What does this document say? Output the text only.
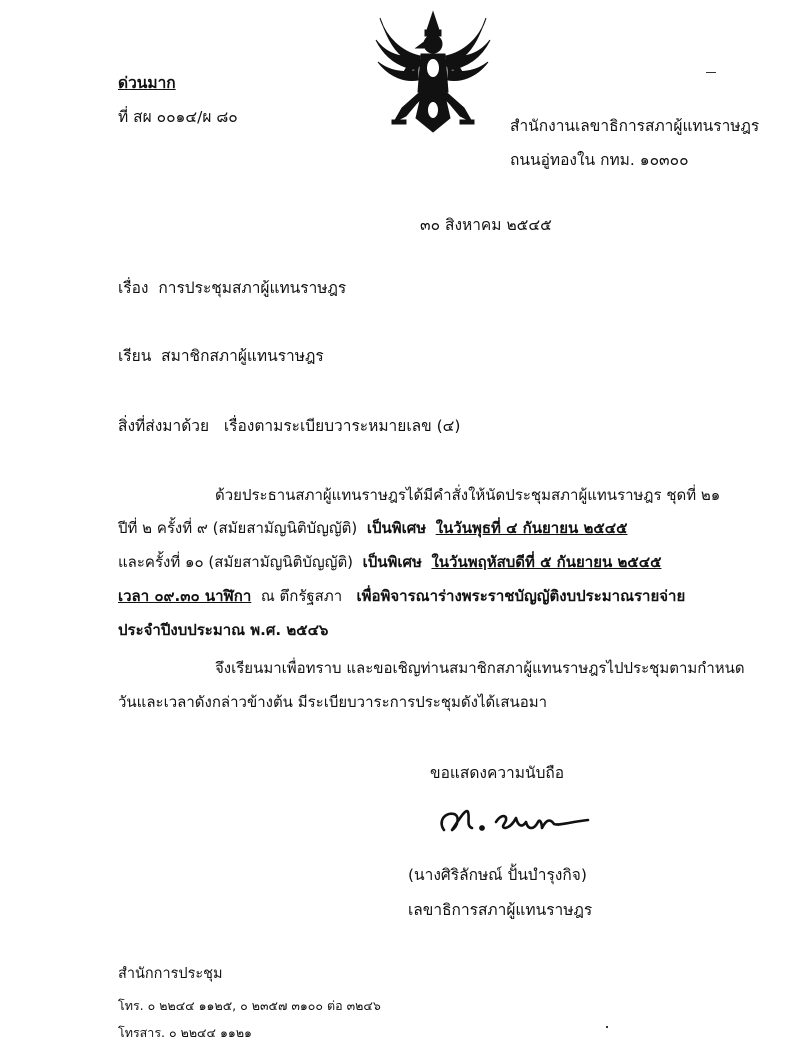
ด่วนมาก
ที่ สผ ๐๐๑๔/ผ ๘๐	สำนักงานเลขาธิการสภาผู้แทนราษฎร
ถนนอู่ทองใน กทม. ๑๐๓๐๐
๓๐ สิงหาคม ๒๕๔๕
เรื่อง การประชุมสภาผู้แทนราษฎร
เรียน สมาชิกสภาผู้แทนราษฎร
สิ่งที่ส่งมาด้วย เรื่องตามระเบียบวาระหมายเลข (๔)
ด้วยประธานสภาผู้แทนราษฎรได้มีคำสั่งให้นัดประชุมสภาผู้แทนราษฎร ชุดที่ ๒๑
ปีที่ ๒ ครั้งที่ ๙ (สมัยสามัญนิติบัญญัติ) เป็นพิเศษ ในวันพุธที่ ๔ กันยายน ๒๕๔๕
และครั้งที่ ๑๐ (สมัยสามัญนิติบัญญัติ) เป็นพิเศษ ในวันพฤหัสบดีที่ ๕ กันยายน ๒๕๔๕
เวลา ๐๙.๓๐ นาฬิกา ณ ตึกรัฐสภา เพื่อพิจารณาร่างพระราชบัญญัติงบประมาณรายจ่าย
ประจำปีงบประมาณ พ.ศ. ๒๕๔๖
จึงเรียนมาเพื่อทราบ และขอเชิญท่านสมาชิกสภาผู้แทนราษฎรไปประชุมตามกำหนด
วันและเวลาดังกล่าวข้างต้น มีระเบียบวาระการประชุมดังได้เสนอมา
ขอแสดงความนับถือ
(นางศิริลักษณ์ ปั้นบำรุงกิจ)
เลขาธิการสภาผู้แทนราษฎร
สำนักการประชุม
โทร. ๐ ๒๒๔๔ ๑๑๒๕, ๐ ๒๓๕๗ ๓๑๐๐ ต่อ ๓๒๔๖
โทรสาร. ๐ ๒๒๔๔ ๑๑๒๑
